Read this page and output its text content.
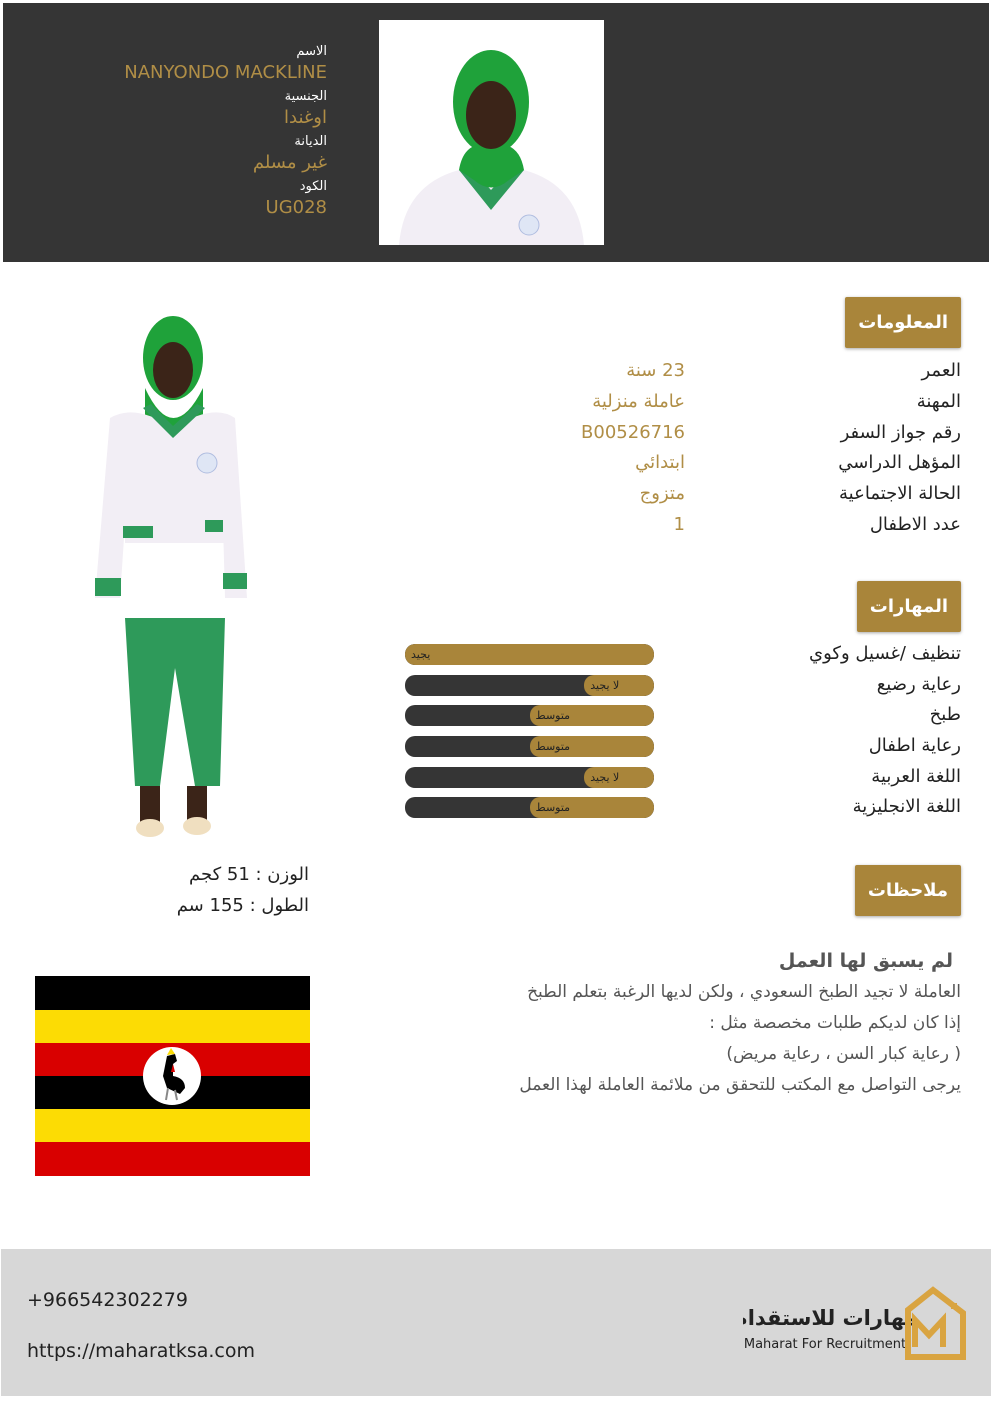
الاسم
NANYONDO MACKLINE
الجنسية
اوغندا
الديانة
غير مسلم
الكود
UG028
المعلومات
العمر
23 سنة
المهنة
عاملة منزلية
رقم جواز السفر
B00526716
المؤهل الدراسي
ابتدائي
الحالة الاجتماعية
متزوج
عدد الاطفال
1
المهارات
تنظيف /غسيل وكوي
يجيد
رعاية رضيع
لا يجيد
طبخ
متوسط
رعاية اطفال
متوسط
اللغة العربية
لا يجيد
اللغة الانجليزية
متوسط
الوزن : 51 كجم
الطول : 155 سم
ملاحظات
لم يسبق لها العمل
العاملة لا تجيد الطبخ السعودي ، ولكن لديها الرغبة بتعلم الطبخ
إذا كان لديكم طلبات مخصصة مثل :
( رعاية كبار السن ، رعاية مريض)
يرجى التواصل مع المكتب للتحقق من ملائمة العاملة لهذا العمل
+966542302279
https://maharatksa.com
مهارات للاستقدام
Maharat For Recruitment
